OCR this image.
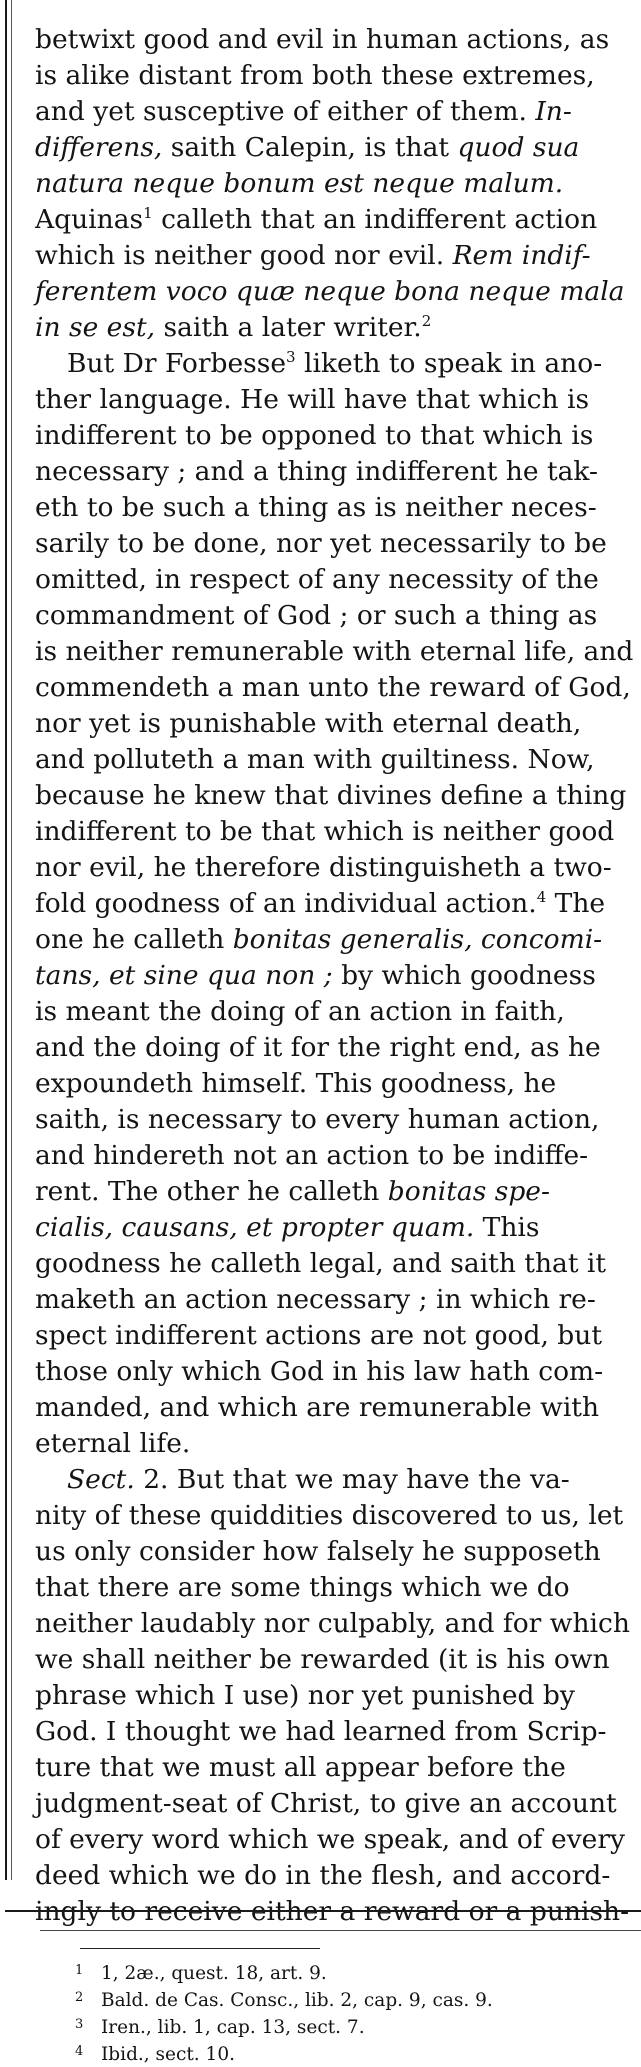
betwixt good and evil in human actions, as
is alike distant from both these extremes,
and yet susceptive of either of them. In-
differens, saith Calepin, is that quod sua
natura neque bonum est neque malum.
Aquinas$^1$ calleth that an indifferent action
which is neither good nor evil. Rem indif-
ferentem voco quæ neque bona neque mala
in se est, saith a later writer.$^2$
But Dr Forbesse$^3$ liketh to speak in ano-
ther language. He will have that which is
indifferent to be opponed to that which is
necessary ; and a thing indifferent he tak-
eth to be such a thing as is neither neces-
sarily to be done, nor yet necessarily to be
omitted, in respect of any necessity of the
commandment of God ; or such a thing as
is neither remunerable with eternal life, and
commendeth a man unto the reward of God,
nor yet is punishable with eternal death,
and polluteth a man with guiltiness. Now,
because he knew that divines define a thing
indifferent to be that which is neither good
nor evil, he therefore distinguisheth a two-
fold goodness of an individual action.$^4$ The
one he calleth bonitas generalis, concomi-
tans, et sine qua non ; by which goodness
is meant the doing of an action in faith,
and the doing of it for the right end, as he
expoundeth himself. This goodness, he
saith, is necessary to every human action,
and hindereth not an action to be indiffe-
rent. The other he calleth bonitas spe-
cialis, causans, et propter quam. This
goodness he calleth legal, and saith that it
maketh an action necessary ; in which re-
spect indifferent actions are not good, but
those only which God in his law hath com-
manded, and which are remunerable with
eternal life.
Sect. 2. But that we may have the va-
nity of these quiddities discovered to us, let
us only consider how falsely he supposeth
that there are some things which we do
neither laudably nor culpably, and for which
we shall neither be rewarded (it is his own
phrase which I use) nor yet punished by
God. I thought we had learned from Scrip-
ture that we must all appear before the
judgment-seat of Christ, to give an account
of every word which we speak, and of every
deed which we do in the flesh, and accord-
ingly to receive either a reward or a punish-
1 1, 2æ., quest. 18, art. 9.
2 Bald. de Cas. Consc., lib. 2, cap. 9, cas. 9.
3 Iren., lib. 1, cap. 13, sect. 7.
4 Ibid., sect. 10.
